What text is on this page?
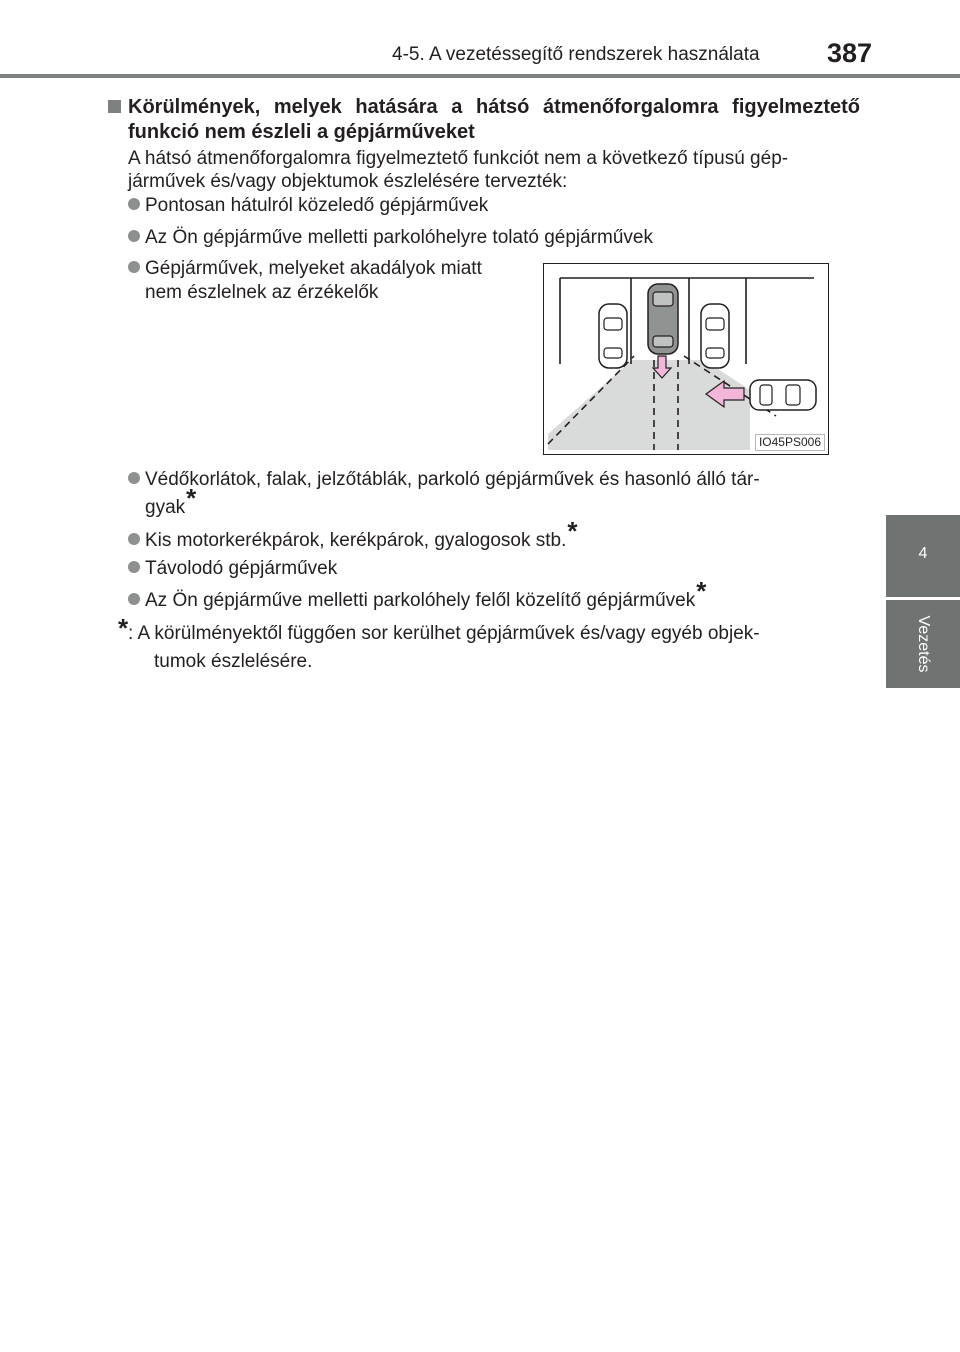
4-5. A vezetéssegítő rendszerek használata 387
4
Vezetés
Körülmények, melyek hatására a hátsó átmenőforgalomra figyelmeztető funkció nem észleli a gépjárműveket
A hátsó átmenőforgalomra figyelmeztető funkciót nem a következő típusú gép-járművek és/vagy objektumok észlelésére tervezték:
Pontosan hátulról közeledő gépjárművek
Az Ön gépjárműve melletti parkolóhelyre tolató gépjárművek
Gépjárművek, melyeket akadályok miatt
nem észlelnek az érzékelők
IO45PS006
Védőkorlátok, falak, jelzőtáblák, parkoló gépjárművek és hasonló álló tár-
gyak*
Kis motorkerékpárok, kerékpárok, gyalogosok stb.*
Távolodó gépjárművek
Az Ön gépjárműve melletti parkolóhely felől közelítő gépjárművek*
* : A körülményektől függően sor kerülhet gépjárművek és/vagy egyéb objek-
tumok észlelésére.
